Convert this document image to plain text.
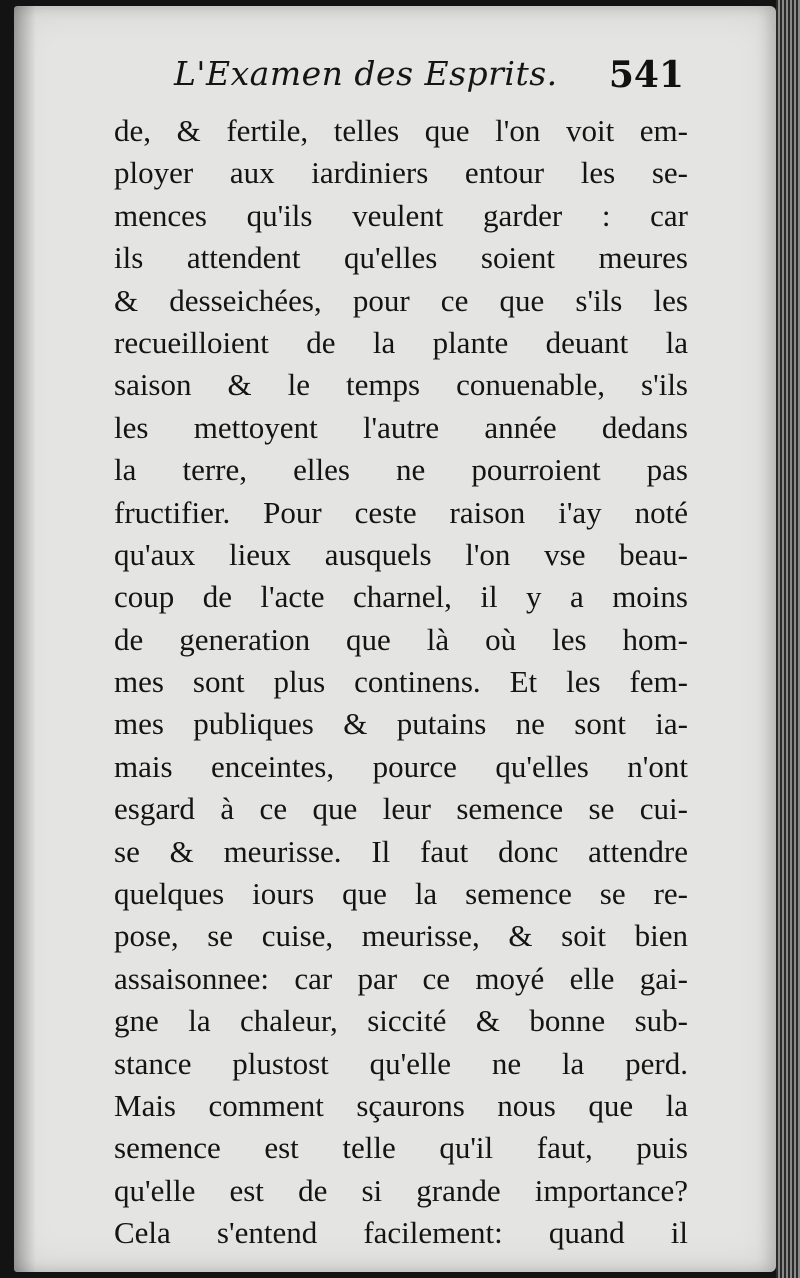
L'Examen des Esprits. 541
de, & fertile, telles que l'on voit em-
ployer aux iardiniers entour les se-
mences qu'ils veulent garder : car
ils attendent qu'elles soient meures
& desseichées, pour ce que s'ils les
recueilloient de la plante deuant la
saison & le temps conuenable, s'ils
les mettoyent l'autre année dedans
la terre, elles ne pourroient pas
fructifier. Pour ceste raison i'ay noté
qu'aux lieux ausquels l'on vse beau-
coup de l'acte charnel, il y a moins
de generation que là où les hom-
mes sont plus continens. Et les fem-
mes publiques & putains ne sont ia-
mais enceintes, pource qu'elles n'ont
esgard à ce que leur semence se cui-
se & meurisse. Il faut donc attendre
quelques iours que la semence se re-
pose, se cuise, meurisse, & soit bien
assaisonnee: car par ce moyé elle gai-
gne la chaleur, siccité & bonne sub-
stance plustost qu'elle ne la perd.
Mais comment sçaurons nous que la
semence est telle qu'il faut, puis
qu'elle est de si grande importance?
Cela s'entend facilement: quand il
